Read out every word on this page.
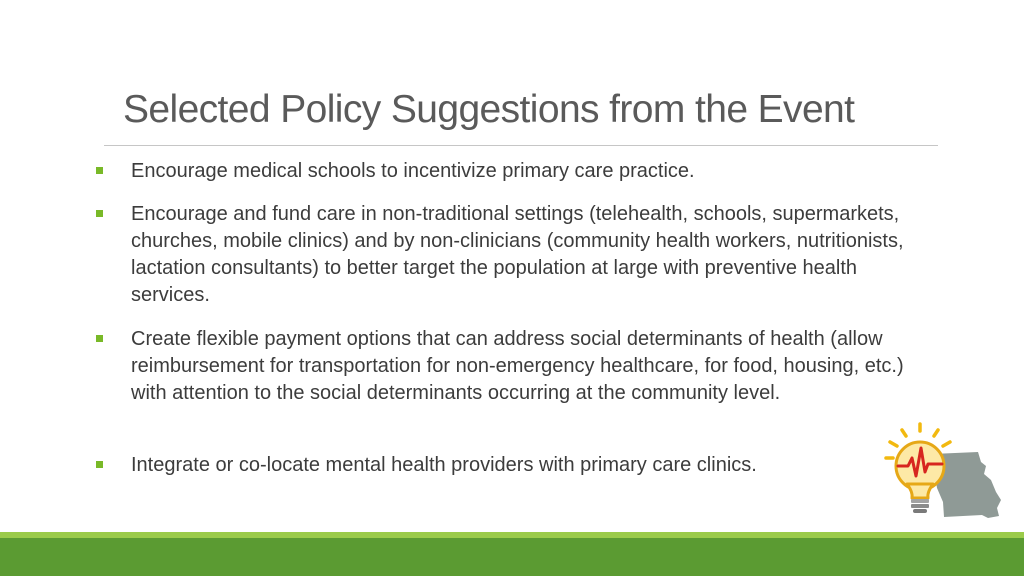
Selected Policy Suggestions from the Event
Encourage medical schools to incentivize primary care practice.
Encourage and fund care in non-traditional settings (telehealth, schools, supermarkets, churches, mobile clinics) and by non-clinicians (community health workers, nutritionists, lactation consultants) to better target the population at large with preventive health services.
Create flexible payment options that can address social determinants of health (allow reimbursement for transportation for non-emergency healthcare, for food, housing, etc.) with attention to the social determinants occurring at the community level.
Integrate or co-locate mental health providers with primary care clinics.
